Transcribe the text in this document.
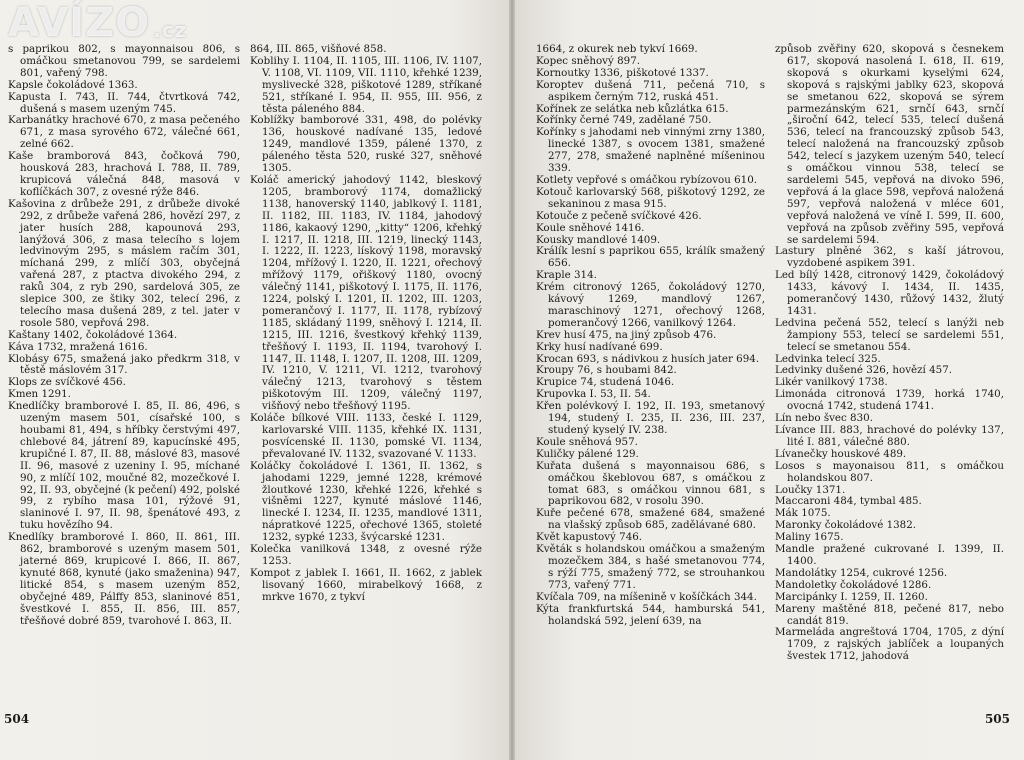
s paprikou 802, s mayonnaisou 806, s omáčkou smetanovou 799, se sardelemi 801, vařený 798.

Kapsle čokoládové 1363.

Kapusta I. 743, II. 744, čtvrtková 742, dušená s masem uzeným 745.

Karbanátky hrachové 670, z masa pečeného 671, z masa syrového 672, válečné 661, zelné 662.

Kaše bramborová 843, čočková 790, housková 283, hrachová I. 788, II. 789, krupicová válečná 848, masová v koflíčkách 307, z ovesné rýže 846.

Kašovina z drůbeže 291, z drůbeže divoké 292, z drůbeže vařená 286, hovězí 297, z jater husích 288, kapounová 293, lanýžová 306, z masa telecího s lojem ledvinovým 295, s máslem račím 301, míchaná 299, z mlíčí 303, obyčejná vařená 287, z ptactva divokého 294, z raků 304, z ryb 290, sardelová 305, ze slepice 300, ze štiky 302, telecí 296, z telecího masa dušená 289, z tel. jater v rosole 580, vepřová 298.

Kaštany 1402, čokoládové 1364.

Káva 1732, mražená 1616.

Klobásy 675, smažená jako předkrm 318, v těstě máslovém 317.

Klops ze svíčkové 456.

Kmen 1291.

Knedlíčky bramborové I. 85, II. 86, 496, s uzeným masem 501, císařské 100, s houbami 81, 494, s hříbky čerstvými 497, chlebové 84, játrení 89, kapucínské 495, krupičné I. 87, II. 88, máslové 83, masové II. 96, masové z uzeniny I. 95, míchané 90, z mlíčí 102, moučné 82, mozečkové I. 92, II. 93, obyčejné (k pečení) 492, polské 99, z rybího masa 101, rýžové 91, slaninové I. 97, II. 98, špenátové 493, z tuku hovězího 94.

Knedlíky bramborové I. 860, II. 861, III. 862, bramborové s uzeným masem 501, jaterné 869, krupicové I. 866, II. 867, kynuté 868, kynuté (jako smaženina) 947, litické 854, s masem uzeným 852, obyčejné 489, Pálffy 853, slaninové 851, švestkové I. 855, II. 856, III. 857, třešňové dobré 859, tvarohové I. 863, II.

864, III. 865, višňové 858.

Koblihy I. 1104, II. 1105, III. 1106, IV. 1107, V. 1108, VI. 1109, VII. 1110, křehké 1239, myslivecké 328, piškotové 1289, stříkané 521, stříkané I. 954, II. 955, III. 956, z těsta páleného 884.

Koblížky bamborové 331, 498, do polévky 136, houskové nadívané 135, ledové 1249, mandlové 1359, pálené 1370, z páleného těsta 520, ruské 327, sněhové 1305.

Koláč americký jahodový 1142, bleskový 1205, bramborový 1174, domažlický 1138, hanoverský 1140, jablkový I. 1181, II. 1182, III. 1183, IV. 1184, jahodový 1186, kakaový 1290, „kitty“ 1206, křehký I. 1217, II. 1218, III. 1219, linecký 1143, I. 1222, II. 1223, lískový 1198, moravský 1204, mřížový I. 1220, II. 1221, ořechový mřížový 1179, ořiškový 1180, ovocný válečný 1141, piškotový I. 1175, II. 1176, 1224, polský I. 1201, II. 1202, III. 1203, pomerančový I. 1177, II. 1178, rybízový 1185, skládaný 1199, sněhový I. 1214, II. 1215, III. 1216, švestkový křehký 1139, třešňový I. 1193, II. 1194, tvarohový I. 1147, II. 1148, I. 1207, II. 1208, III. 1209, IV. 1210, V. 1211, VI. 1212, tvarohový válečný 1213, tvarohový s těstem piškotovým III. 1209, válečný 1197, višňový nebo třešňový 1195.

Koláče bílkové VIII. 1133, české I. 1129, karlovarské VIII. 1135, křehké IX. 1131, posvícenské II. 1130, pomské VI. 1134, převalované IV. 1132, svazované V. 1133.

Koláčky čokoládové I. 1361, II. 1362, s jahodami 1229, jemné 1228, krémové žloutkové 1230, křehké 1226, křehké s višněmi 1227, kynuté máslové 1146, linecké I. 1234, II. 1235, mandlové 1311, nápratkové 1225, ořechové 1365, stoleté 1232, sypké 1233, švýcarské 1231.

Kolečka vanilková 1348, z ovesné rýže 1253.

Kompot z jablek I. 1661, II. 1662, z jablek lisovaný 1660, mirabelkový 1668, z mrkve 1670, z tykví

504

1664, z okurek neb tykví 1669.

Kopec sněhový 897.

Kornoutky 1336, piškotové 1337.

Koroptev dušená 711, pečená 710, s aspikem černým 712, ruská 451.

Kořínek ze selátka neb kůzlátka 615.

Kořínky černé 749, zadělané 750.

Kořínky s jahodami neb vinnými zrny 1380, linecké 1387, s ovocem 1381, smažené 277, 278, smažené naplněné míšeninou 339.

Kotlety vepřové s omáčkou rybízovou 610.

Kotouč karlovarský 568, piškotový 1292, ze sekaninou z masa 915.

Kotouče z pečeně svíčkové 426.

Koule sněhové 1416.

Kousky mandlové 1409.

Králík lesní s paprikou 655, králík smažený 656.

Kraple 314.

Krém citronový 1265, čokoládový 1270, kávový 1269, mandlový 1267, maraschinový 1271, ořechový 1268, pomerančový 1266, vanilkový 1264.

Krev husí 475, na jiný způsob 476.

Krky husí nadívané 699.

Krocan 693, s nádivkou z husích jater 694.

Kroupy 76, s houbami 842.

Krupice 74, studená 1046.

Krupovka I. 53, II. 54.

Křen polévkový I. 192, II. 193, smetanový 194, studený I. 235, II. 236, III. 237, studený kyselý IV. 238.

Koule sněhová 957.

Kuličky pálené 129.

Kuřata dušená s mayonnaisou 686, s omáčkou škeblovou 687, s omáčkou z tomat 683, s omáčkou vinnou 681, s paprikovou 682, v rosolu 390.

Kuře pečené 678, smažené 684, smažené na vlašský způsob 685, zadělávané 680.

Květ kapustový 746.

Květák s holandskou omáčkou a smaženým mozečkem 384, s hašé smetanovou 774, s rýží 775, smažený 772, se strouhankou 773, vařený 771.

Kvíčala 709, na míšenině v košíčkách 344.

Kýta frankfurtská 544, hamburská 541, holandská 592, jelení 639, na

způsob zvěřiny 620, skopová s česnekem 617, skopová nasolená I. 618, II. 619, skopová s okurkami kyselými 624, skopová s rajskými jablky 623, skopová se smetanou 622, skopová se sýrem parmezánským 621, srnčí 643, srnčí „široční 642, telecí 535, telecí dušená 536, telecí na francouzský způsob 543, telecí naložená na francouzský způsob 542, telecí s jazykem uzeným 540, telecí s omáčkou vinnou 538, telecí se sardelemi 545, vepřová na divoko 596, vepřová á la glace 598, vepřová naložená 597, vepřová naložená v mléce 601, vepřová naložená ve víně I. 599, II. 600, vepřová na způsob zvěřiny 595, vepřová se sardelemi 594.

Lastury plněné 362, s kaší játrovou, vyzdobené aspikem 391.

Led bílý 1428, citronový 1429, čokoládový 1433, kávový I. 1434, II. 1435, pomerančový 1430, růžový 1432, žlutý 1431.

Ledvina pečená 552, telecí s lanýži neb žampiony 553, telecí se sardelemi 551, telecí se smetanou 554.

Ledvinka telecí 325.

Ledvinky dušené 326, hovězí 457.

Likér vanilkový 1738.

Limonáda citronová 1739, horká 1740, ovocná 1742, studená 1741.

Lín nebo švec 830.

Lívance III. 883, hrachové do polévky 137, lité I. 881, válečné 880.

Lívanečky houskové 489.

Losos s mayonaisou 811, s omáčkou holandskou 807.

Loučky 1371.

Maccaroni 484, tymbal 485.

Mák 1075.

Maronky čokoládové 1382.

Maliny 1675.

Mandle pražené cukrované I. 1399, II. 1400.

Mandolátky 1254, cukrové 1256.

Mandoletky čokoládové 1286.

Marcipánky I. 1259, II. 1260.

Mareny maštěné 818, pečené 817, nebo candát 819.

Marmeláda angreštová 1704, 1705, z dýní 1709, z rajských jablíček a loupaných švestek 1712, jahodová

505
AVÍZO .cz
